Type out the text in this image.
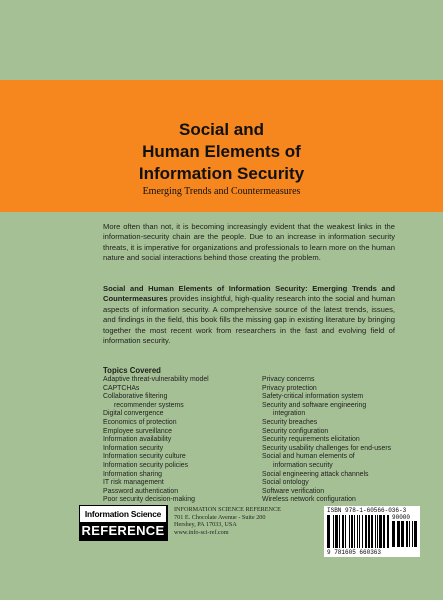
Social and
Human Elements of
Information Security
Emerging Trends and Countermeasures

More often than not, it is becoming increasingly evident that the weakest links in the information-security chain are the people. Due to an increase in information security threats, it is imperative for organizations and professionals to learn more on the human nature and social interactions behind those creating the problem.

Social and Human Elements of Information Security: Emerging Trends and Countermeasures provides insightful, high-quality research into the social and human aspects of information security. A comprehensive source of the latest trends, issues, and findings in the field, this book fills the missing gap in existing literature by bringing together the most recent work from researchers in the fast and evolving field of information security.

Topics Covered
Adaptive threat-vulnerability model
CAPTCHAs
Collaborative filtering
recommender systems
Digital convergence
Economics of protection
Employee surveillance
Information availability
Information security
Information security culture
Information security policies
Information sharing
IT risk management
Password authentication
Poor security decision-making
Privacy concerns
Privacy protection
Safety-critical information system
Security and software engineering
integration
Security breaches
Security configuration
Security requirements elicitation
Security usability challenges for end-users
Social and human elements of
information security
Social engineering attack channels
Social ontology
Software verification
Wireless network configuration
Information Science
REFERENCE
INFORMATION SCIENCE REFERENCE
701 E. Chocolate Avenue - Suite 200
Hershey, PA 17033, USA
www.info-sci-ref.com
ISBN 978-1-60566-036-3
90000
9 781605 660363
